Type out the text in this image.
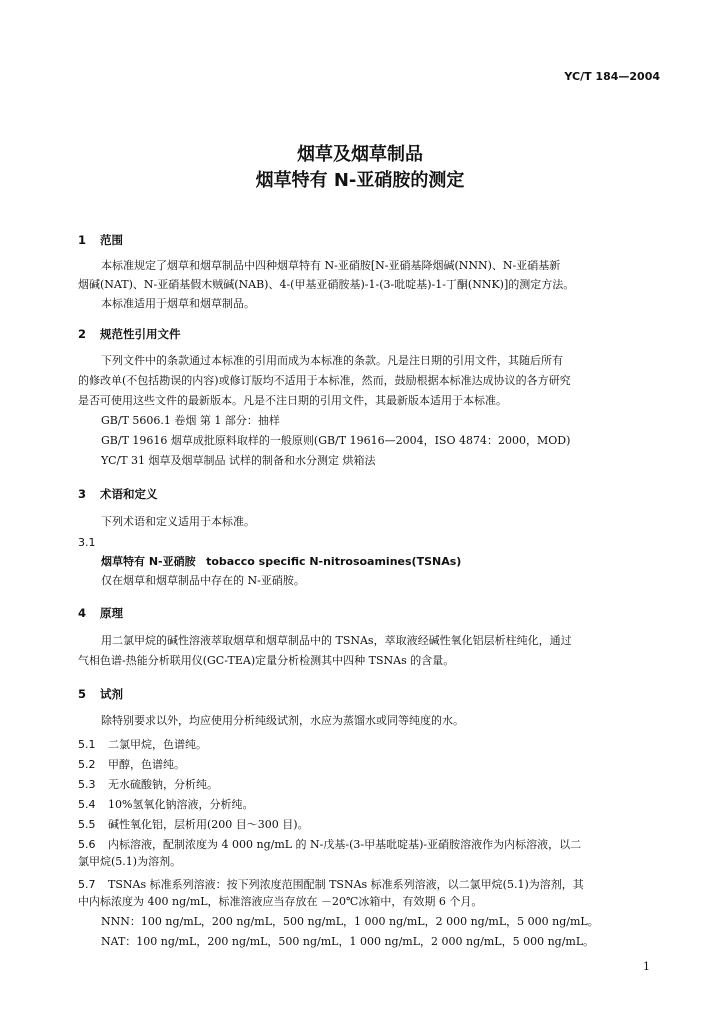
YC/T 184—2004
烟草及烟草制品
烟草特有 N-亚硝胺的测定
1 范围
本标准规定了烟草和烟草制品中四种烟草特有 N-亚硝胺[N-亚硝基降烟碱(NNN)、N-亚硝基新
烟碱(NAT)、N-亚硝基假木贼碱(NAB)、4-(甲基亚硝胺基)-1-(3-吡啶基)-1-丁酮(NNK)]的测定方法。
本标准适用于烟草和烟草制品。
2 规范性引用文件
下列文件中的条款通过本标准的引用而成为本标准的条款。凡是注日期的引用文件，其随后所有
的修改单(不包括勘误的内容)或修订版均不适用于本标准，然而，鼓励根据本标准达成协议的各方研究
是否可使用这些文件的最新版本。凡是不注日期的引用文件，其最新版本适用于本标准。
GB/T 5606.1 卷烟 第 1 部分：抽样
GB/T 19616 烟草成批原料取样的一般原则(GB/T 19616—2004，ISO 4874：2000，MOD)
YC/T 31 烟草及烟草制品 试样的制备和水分测定 烘箱法
3 术语和定义
下列术语和定义适用于本标准。
3.1
烟草特有 N-亚硝胺 tobacco specific N-nitrosoamines(TSNAs)
仅在烟草和烟草制品中存在的 N-亚硝胺。
4 原理
用二氯甲烷的碱性溶液萃取烟草和烟草制品中的 TSNAs，萃取液经碱性氧化铝层析柱纯化，通过
气相色谱-热能分析联用仪(GC-TEA)定量分析检测其中四种 TSNAs 的含量。
5 试剂
除特别要求以外，均应使用分析纯级试剂，水应为蒸馏水或同等纯度的水。
5.1 二氯甲烷，色谱纯。
5.2 甲醇，色谱纯。
5.3 无水硫酸钠，分析纯。
5.4 10%氢氧化钠溶液，分析纯。
5.5 碱性氧化铝，层析用(200 目～300 目)。
5.6 内标溶液，配制浓度为 4 000 ng/mL 的 N-戊基-(3-甲基吡啶基)-亚硝胺溶液作为内标溶液，以二
氯甲烷(5.1)为溶剂。
5.7 TSNAs 标准系列溶液：按下列浓度范围配制 TSNAs 标准系列溶液，以二氯甲烷(5.1)为溶剂，其
中内标浓度为 400 ng/mL，标准溶液应当存放在 －20℃冰箱中，有效期 6 个月。
NNN：100 ng/mL，200 ng/mL，500 ng/mL，1 000 ng/mL，2 000 ng/mL，5 000 ng/mL。
NAT：100 ng/mL，200 ng/mL，500 ng/mL，1 000 ng/mL，2 000 ng/mL，5 000 ng/mL。
1
